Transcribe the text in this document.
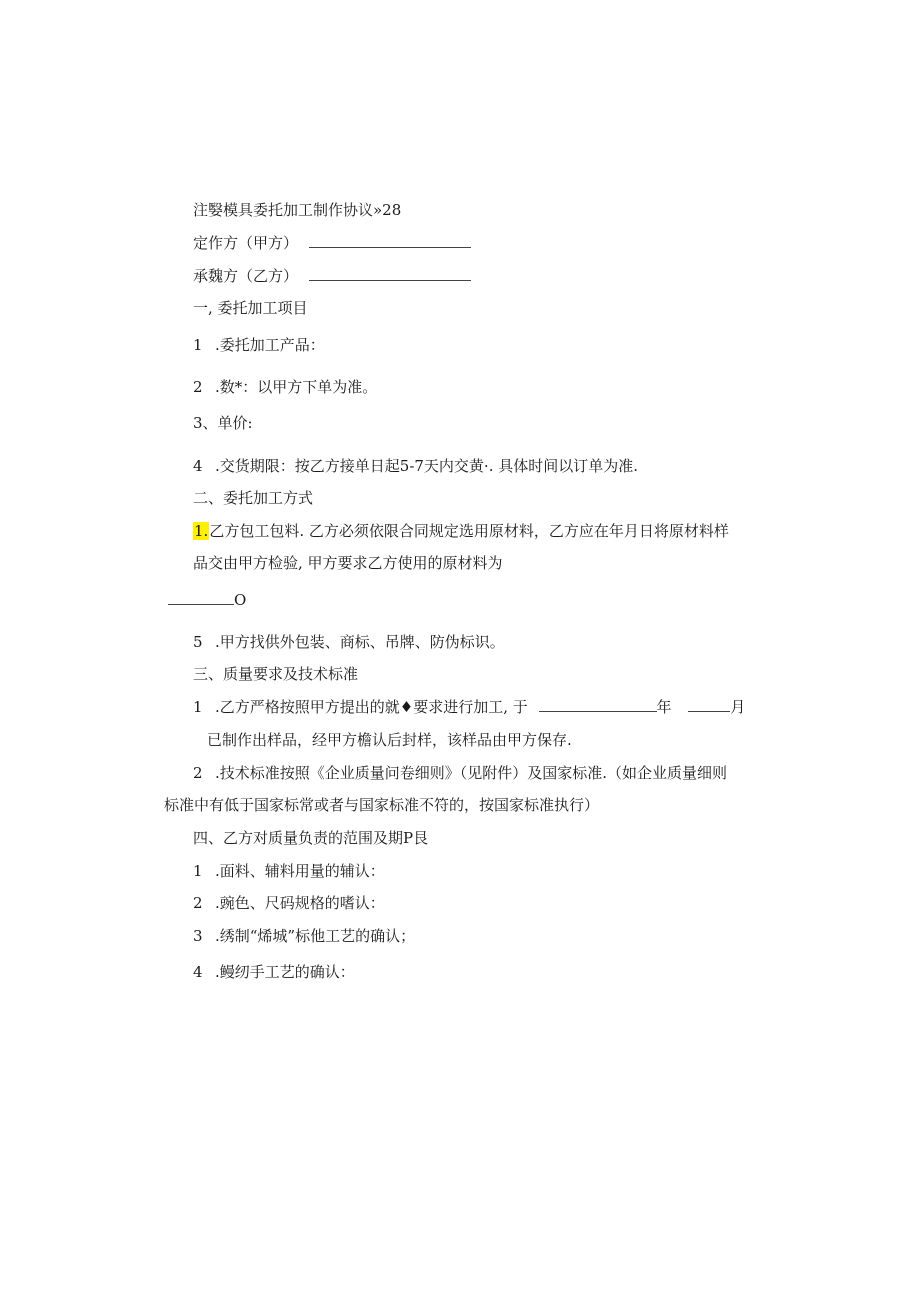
注嫛模具委托加工制作协议»28
定作方（甲方）
承魏方（乙方）
一, 委托加工项目
1 .委托加工产品：
2 .数*：以甲方下单为准。
3、单价:
4 .交货期限：按乙方接单日起5-7天内交黄·. 具体时间以订单为准.
二、委托加工方式
1.乙方包工包料. 乙方必须依限合同规定选用原材料，乙方应在年月日将原材料样
品交由甲方检验, 甲方要求乙方使用的原材料为
O
5 .甲方找供外包装、商标、吊牌、防伪标识。
三、质量要求及技术标准
1 .乙方严格按照甲方提出的就♦要求进行加工, 于	年	月
已制作出样品，经甲方檐认后封样，该样品由甲方保存.
2 .技术标准按照《企业质量问卷细则》（见附件）及国家标准.（如企业质量细则
标准中有低于国家标常或者与国家标准不符的，按国家标准执行）
四、乙方对质量负责的范围及期P艮
1 .面料、辅料用量的辅认：
2 .豌色、尺码规格的嗜认：
3 .绣制“烯城”标他工艺的确认；
4 .鳗纫手工艺的确认：
